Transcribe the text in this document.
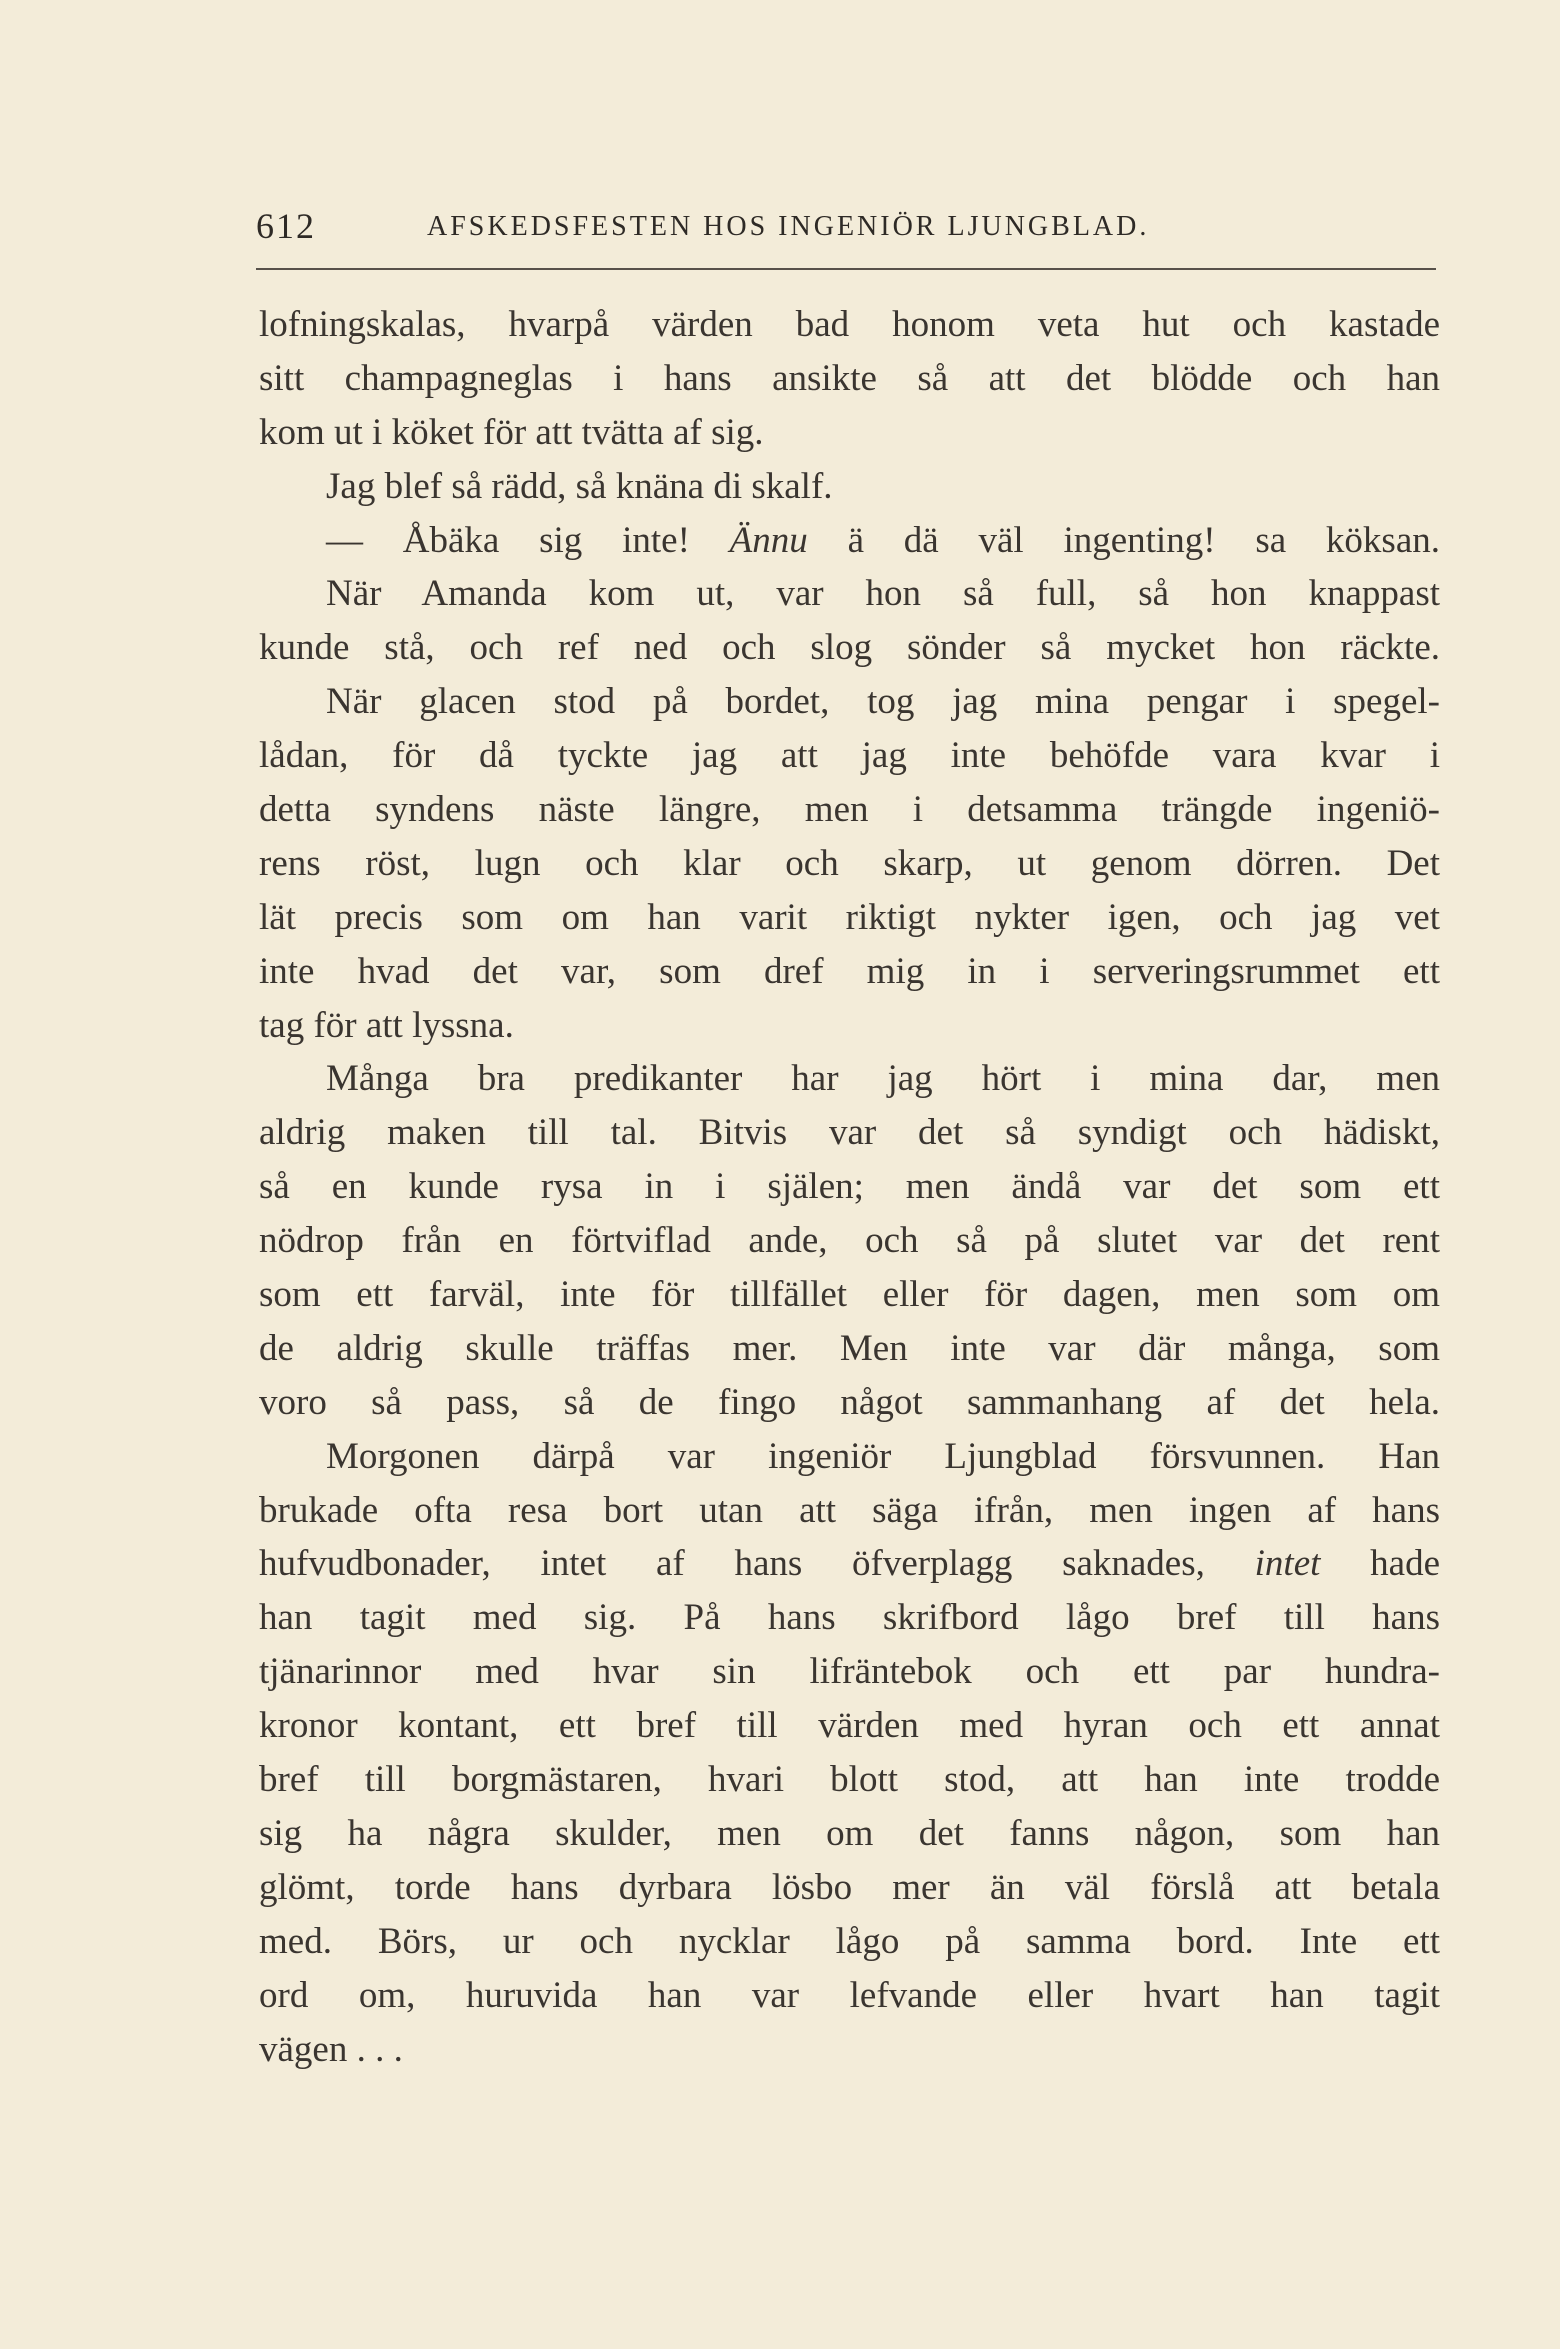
612	AFSKEDSFESTEN HOS INGENIÖR LJUNGBLAD.
lofningskalas, hvarpå värden bad honom veta hut och kastade
sitt champagneglas i hans ansikte så att det blödde och han
kom ut i köket för att tvätta af sig.
Jag blef så rädd, så knäna di skalf.
— Åbäka sig inte! Ännu ä dä väl ingenting! sa köksan.
När Amanda kom ut, var hon så full, så hon knappast
kunde stå, och ref ned och slog sönder så mycket hon räckte.
När glacen stod på bordet, tog jag mina pengar i spegel-
lådan, för då tyckte jag att jag inte behöfde vara kvar i
detta syndens näste längre, men i detsamma trängde ingeniö-
rens röst, lugn och klar och skarp, ut genom dörren. Det
lät precis som om han varit riktigt nykter igen, och jag vet
inte hvad det var, som dref mig in i serveringsrummet ett
tag för att lyssna.
Många bra predikanter har jag hört i mina dar, men
aldrig maken till tal. Bitvis var det så syndigt och hädiskt,
så en kunde rysa in i själen; men ändå var det som ett
nödrop från en förtviflad ande, och så på slutet var det rent
som ett farväl, inte för tillfället eller för dagen, men som om
de aldrig skulle träffas mer. Men inte var där många, som
voro så pass, så de fingo något sammanhang af det hela.
Morgonen därpå var ingeniör Ljungblad försvunnen. Han
brukade ofta resa bort utan att säga ifrån, men ingen af hans
hufvudbonader, intet af hans öfverplagg saknades, intet hade
han tagit med sig. På hans skrifbord lågo bref till hans
tjänarinnor med hvar sin lifräntebok och ett par hundra-
kronor kontant, ett bref till värden med hyran och ett annat
bref till borgmästaren, hvari blott stod, att han inte trodde
sig ha några skulder, men om det fanns någon, som han
glömt, torde hans dyrbara lösbo mer än väl förslå att betala
med. Börs, ur och nycklar lågo på samma bord. Inte ett
ord om, huruvida han var lefvande eller hvart han tagit
vägen . . .
